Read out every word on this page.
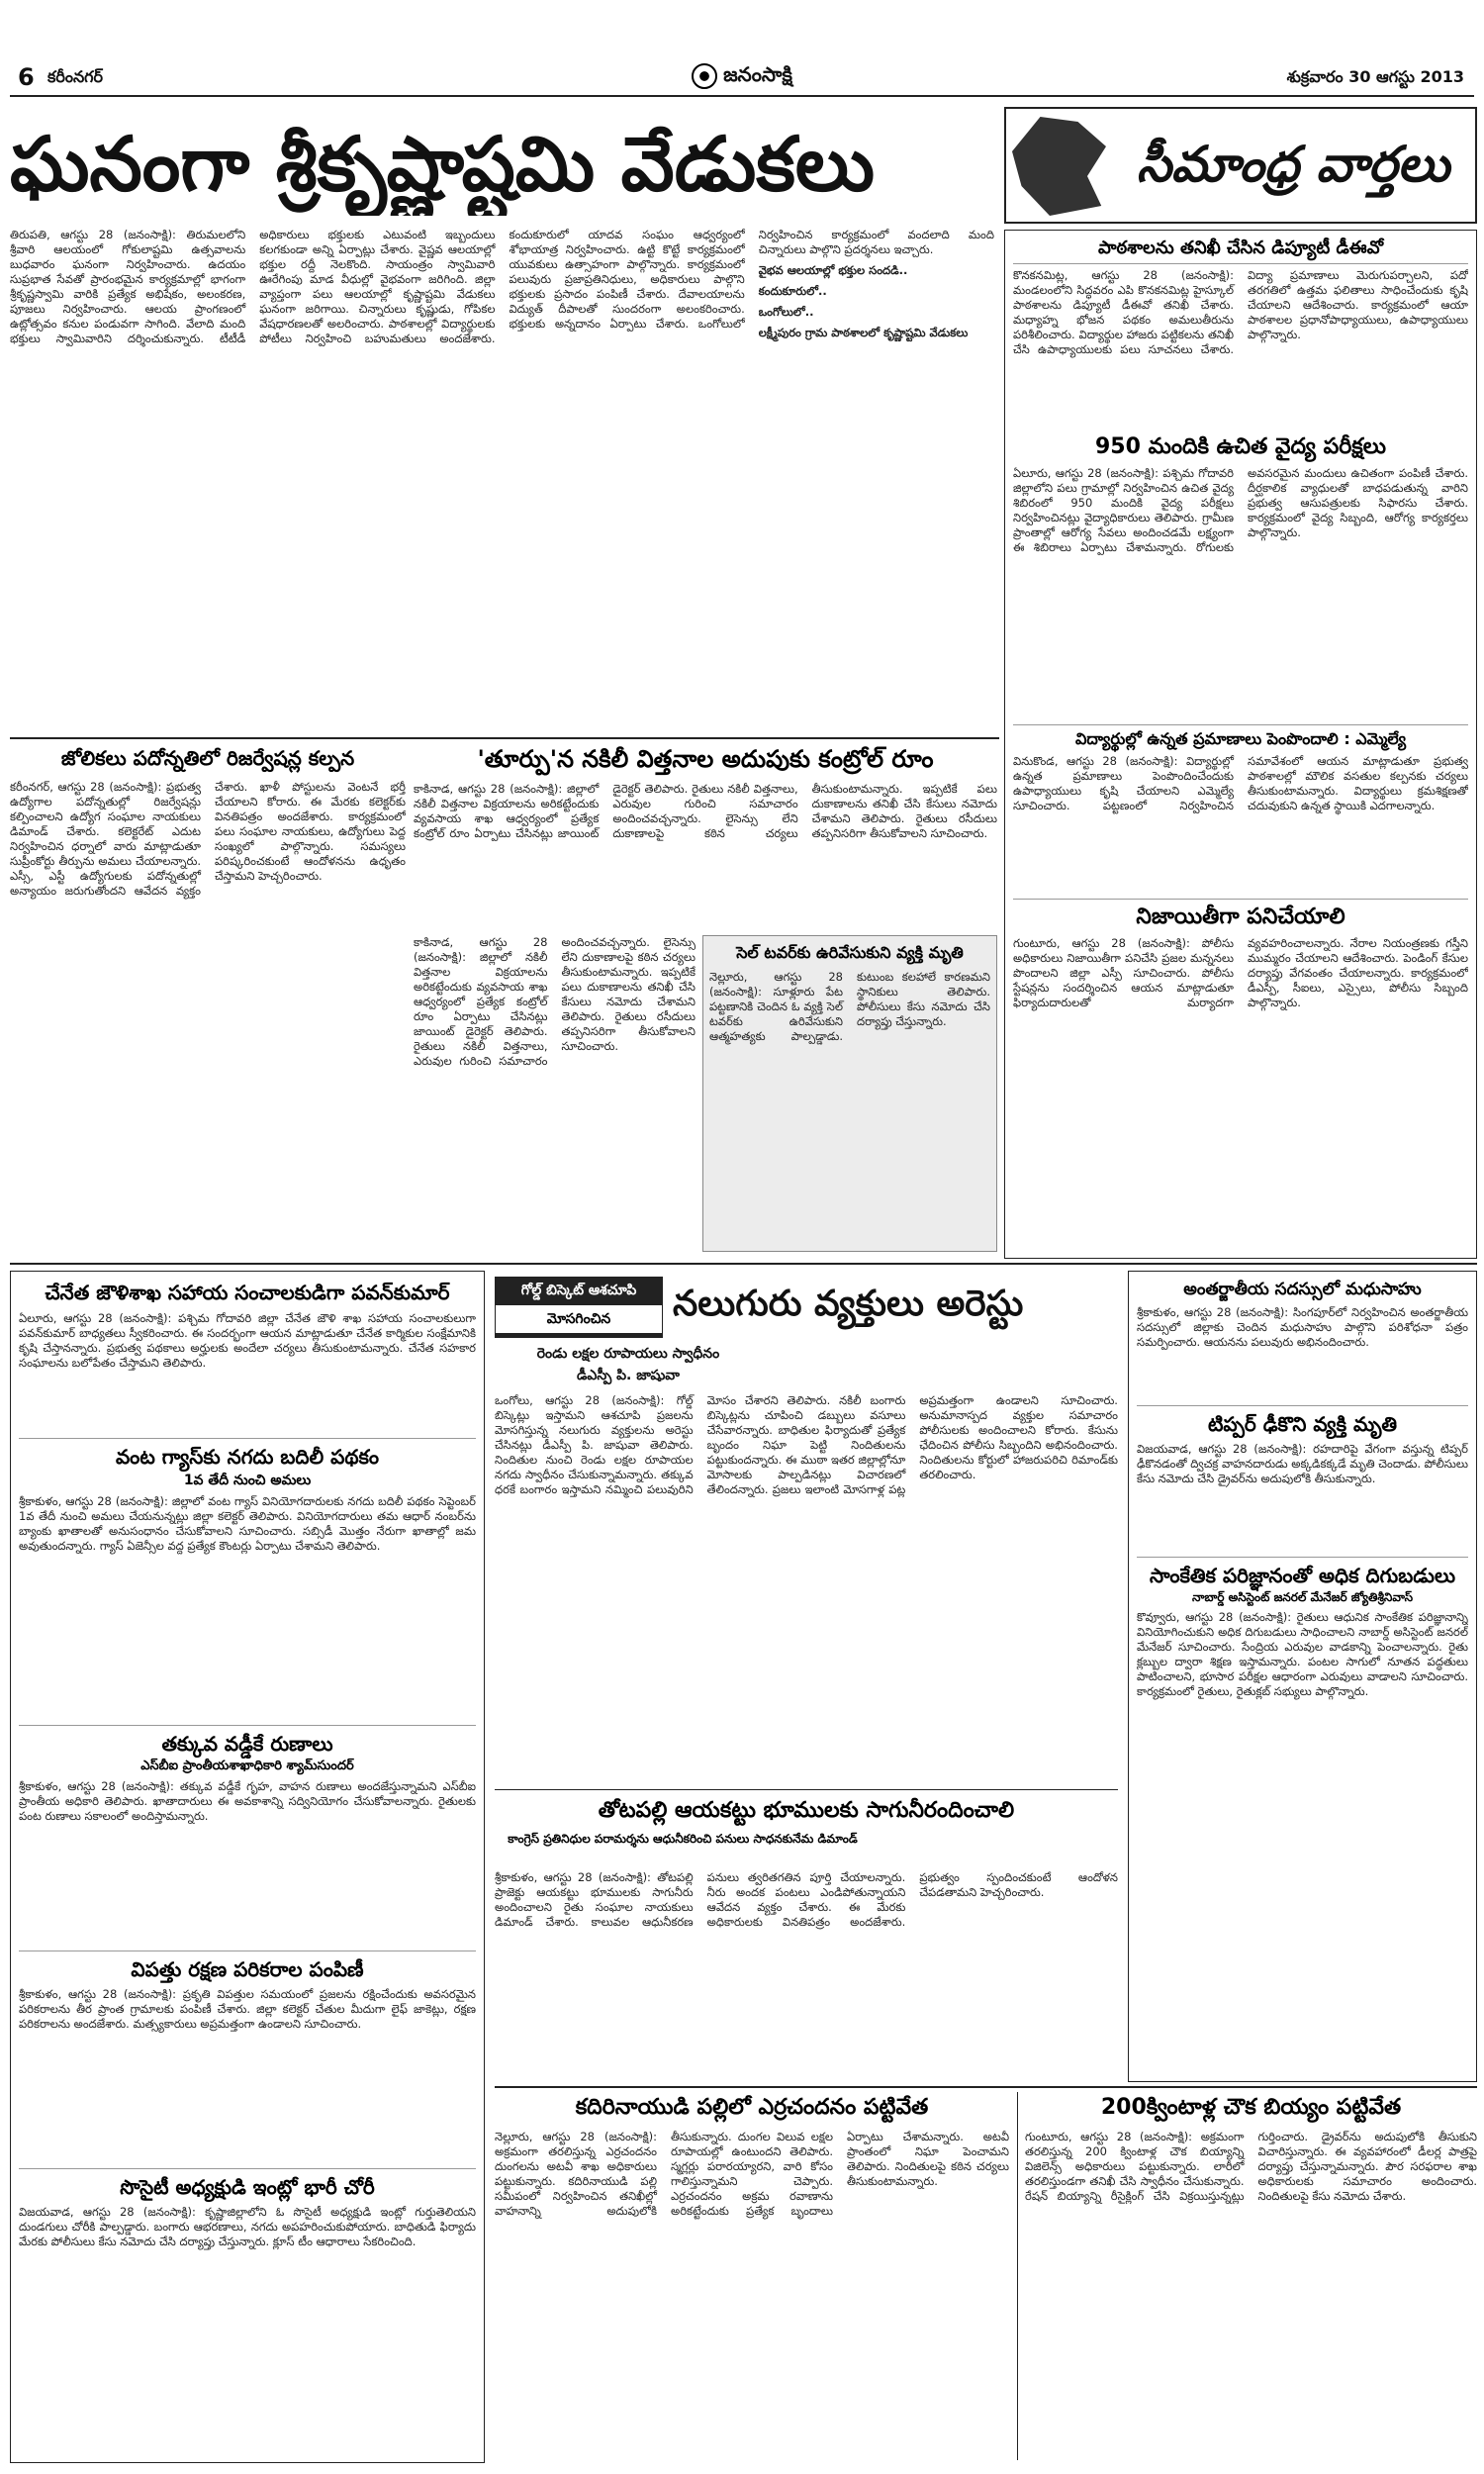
6 కరీంనగర్	జనంసాక్షి	శుక్రవారం 30 ఆగస్టు 2013
ఘనంగా శ్రీకృష్ణాష్టమి వేడుకలు	సీమాంధ్ర వార్తలు
తిరుపతి, ఆగస్టు 28 (జనంసాక్షి): తిరుమలలోని శ్రీవారి ఆలయంలో గోకులాష్టమి ఉత్సవాలను బుధవారం ఘనంగా నిర్వహించారు. ఉదయం సుప్రభాత సేవతో ప్రారంభమైన కార్యక్రమాల్లో భాగంగా శ్రీకృష్ణస్వామి వారికి ప్రత్యేక అభిషేకం, అలంకరణ, పూజలు నిర్వహించారు. ఆలయ ప్రాంగణంలో ఉట్లోత్సవం కనుల పండువగా సాగింది. వేలాది మంది భక్తులు స్వామివారిని దర్శించుకున్నారు. టీటీడీ అధికారులు భక్తులకు ఎటువంటి ఇబ్బందులు కలగకుండా అన్ని ఏర్పాట్లు చేశారు. వైష్ణవ ఆలయాల్లో భక్తుల రద్దీ నెలకొంది. సాయంత్రం స్వామివారి ఊరేగింపు మాడ వీధుల్లో వైభవంగా జరిగింది. జిల్లా వ్యాప్తంగా పలు ఆలయాల్లో కృష్ణాష్టమి వేడుకలు ఘనంగా జరిగాయి. చిన్నారులు కృష్ణుడు, గోపికల వేషధారణలతో అలరించారు. పాఠశాలల్లో విద్యార్థులకు పోటీలు నిర్వహించి బహుమతులు అందజేశారు. కందుకూరులో యాదవ సంఘం ఆధ్వర్యంలో శోభాయాత్ర నిర్వహించారు. ఉట్టి కొట్టే కార్యక్రమంలో యువకులు ఉత్సాహంగా పాల్గొన్నారు. కార్యక్రమంలో పలువురు ప్రజాప్రతినిధులు, అధికారులు పాల్గొని భక్తులకు ప్రసాదం పంపిణీ చేశారు. దేవాలయాలను విద్యుత్ దీపాలతో సుందరంగా అలంకరించారు. భక్తులకు అన్నదానం ఏర్పాటు చేశారు. ఒంగోలులో నిర్వహించిన కార్యక్రమంలో వందలాది మంది చిన్నారులు పాల్గొని ప్రదర్శనలు ఇచ్చారు.
వైభవ ఆలయాల్లో భక్తుల సందడి..
కందుకూరులో..
ఒంగోలులో..
లక్ష్మీపురం గ్రామ పాఠశాలలో కృష్ణాష్టమి వేడుకలు
పాఠశాలను తనిఖీ చేసిన డిప్యూటీ డీఈవో
కొనకనమిట్ల, ఆగస్టు 28 (జనంసాక్షి): మండలంలోని సిద్ధవరం ఎపి కొనకనమిట్ల హైస్కూల్ పాఠశాలను డిప్యూటీ డీఈవో తనిఖీ చేశారు. మధ్యాహ్న భోజన పథకం అమలుతీరును పరిశీలించారు. విద్యార్థుల హాజరు పట్టికలను తనిఖీ చేసి ఉపాధ్యాయులకు పలు సూచనలు చేశారు. విద్యా ప్రమాణాలు మెరుగుపర్చాలని, పదో తరగతిలో ఉత్తమ ఫలితాలు సాధించేందుకు కృషి చేయాలని ఆదేశించారు. కార్యక్రమంలో ఆయా పాఠశాలల ప్రధానోపాధ్యాయులు, ఉపాధ్యాయులు పాల్గొన్నారు.
950 మందికి ఉచిత వైద్య పరీక్షలు
ఏలూరు, ఆగస్టు 28 (జనంసాక్షి): పశ్చిమ గోదావరి జిల్లాలోని పలు గ్రామాల్లో నిర్వహించిన ఉచిత వైద్య శిబిరంలో 950 మందికి వైద్య పరీక్షలు నిర్వహించినట్లు వైద్యాధికారులు తెలిపారు. గ్రామీణ ప్రాంతాల్లో ఆరోగ్య సేవలు అందించడమే లక్ష్యంగా ఈ శిబిరాలు ఏర్పాటు చేశామన్నారు. రోగులకు అవసరమైన మందులు ఉచితంగా పంపిణీ చేశారు. దీర్ఘకాలిక వ్యాధులతో బాధపడుతున్న వారిని ప్రభుత్వ ఆసుపత్రులకు సిఫారసు చేశారు. కార్యక్రమంలో వైద్య సిబ్బంది, ఆరోగ్య కార్యకర్తలు పాల్గొన్నారు.
విద్యార్థుల్లో ఉన్నత ప్రమాణాలు పెంపొందాలి : ఎమ్మెల్యే
వినుకొండ, ఆగస్టు 28 (జనంసాక్షి): విద్యార్థుల్లో ఉన్నత ప్రమాణాలు పెంపొందించేందుకు ఉపాధ్యాయులు కృషి చేయాలని ఎమ్మెల్యే సూచించారు. పట్టణంలో నిర్వహించిన సమావేశంలో ఆయన మాట్లాడుతూ ప్రభుత్వ పాఠశాలల్లో మౌలిక వసతుల కల్పనకు చర్యలు తీసుకుంటామన్నారు. విద్యార్థులు క్రమశిక్షణతో చదువుకుని ఉన్నత స్థాయికి ఎదగాలన్నారు.
నిజాయితీగా పనిచేయాలి
గుంటూరు, ఆగస్టు 28 (జనంసాక్షి): పోలీసు అధికారులు నిజాయితీగా పనిచేసి ప్రజల మన్ననలు పొందాలని జిల్లా ఎస్పీ సూచించారు. పోలీసు స్టేషన్లను సందర్శించిన ఆయన మాట్లాడుతూ ఫిర్యాదుదారులతో మర్యాదగా వ్యవహరించాలన్నారు. నేరాల నియంత్రణకు గస్తీని ముమ్మరం చేయాలని ఆదేశించారు. పెండింగ్ కేసుల దర్యాప్తు వేగవంతం చేయాలన్నారు. కార్యక్రమంలో డీఎస్పీ, సీఐలు, ఎస్సైలు, పోలీసు సిబ్బంది పాల్గొన్నారు.
జోలికలు పదోన్నతిలో రిజర్వేషన్ల కల్పన
కరీంనగర్, ఆగస్టు 28 (జనంసాక్షి): ప్రభుత్వ ఉద్యోగాల పదోన్నతుల్లో రిజర్వేషన్లు కల్పించాలని ఉద్యోగ సంఘాల నాయకులు డిమాండ్ చేశారు. కలెక్టరేట్ ఎదుట నిర్వహించిన ధర్నాలో వారు మాట్లాడుతూ సుప్రీంకోర్టు తీర్పును అమలు చేయాలన్నారు. ఎస్సీ, ఎస్టీ ఉద్యోగులకు పదోన్నతుల్లో అన్యాయం జరుగుతోందని ఆవేదన వ్యక్తం చేశారు. ఖాళీ పోస్టులను వెంటనే భర్తీ చేయాలని కోరారు. ఈ మేరకు కలెక్టర్‌కు వినతిపత్రం అందజేశారు. కార్యక్రమంలో పలు సంఘాల నాయకులు, ఉద్యోగులు పెద్ద సంఖ్యలో పాల్గొన్నారు. సమస్యలు పరిష్కరించకుంటే ఆందోళనను ఉధృతం చేస్తామని హెచ్చరించారు.
'తూర్పు'న నకిలీ విత్తనాల అదుపుకు కంట్రోల్ రూం
కాకినాడ, ఆగస్టు 28 (జనంసాక్షి): జిల్లాలో నకిలీ విత్తనాల విక్రయాలను అరికట్టేందుకు వ్యవసాయ శాఖ ఆధ్వర్యంలో ప్రత్యేక కంట్రోల్ రూం ఏర్పాటు చేసినట్లు జాయింట్ డైరెక్టర్ తెలిపారు. రైతులు నకిలీ విత్తనాలు, ఎరువుల గురించి సమాచారం అందించవచ్చన్నారు. లైసెన్సు లేని దుకాణాలపై కఠిన చర్యలు తీసుకుంటామన్నారు. ఇప్పటికే పలు దుకాణాలను తనిఖీ చేసి కేసులు నమోదు చేశామని తెలిపారు. రైతులు రసీదులు తప్పనిసరిగా తీసుకోవాలని సూచించారు.
సెల్ టవర్‌కు ఉరివేసుకుని వ్యక్తి మృతి
నెల్లూరు, ఆగస్టు 28 (జనంసాక్షి): సూళ్లూరు పేట పట్టణానికి చెందిన ఓ వ్యక్తి సెల్ టవర్‌కు ఉరివేసుకుని ఆత్మహత్యకు పాల్పడ్డాడు. కుటుంబ కలహాలే కారణమని స్థానికులు తెలిపారు. పోలీసులు కేసు నమోదు చేసి దర్యాప్తు చేస్తున్నారు.
కాకినాడ, ఆగస్టు 28 (జనంసాక్షి): జిల్లాలో నకిలీ విత్తనాల విక్రయాలను అరికట్టేందుకు వ్యవసాయ శాఖ ఆధ్వర్యంలో ప్రత్యేక కంట్రోల్ రూం ఏర్పాటు చేసినట్లు జాయింట్ డైరెక్టర్ తెలిపారు. రైతులు నకిలీ విత్తనాలు, ఎరువుల గురించి సమాచారం అందించవచ్చన్నారు. లైసెన్సు లేని దుకాణాలపై కఠిన చర్యలు తీసుకుంటామన్నారు. ఇప్పటికే పలు దుకాణాలను తనిఖీ చేసి కేసులు నమోదు చేశామని తెలిపారు. రైతులు రసీదులు తప్పనిసరిగా తీసుకోవాలని సూచించారు.
చేనేత జౌళిశాఖ సహాయ సంచాలకుడిగా పవన్‌కుమార్
ఏలూరు, ఆగస్టు 28 (జనంసాక్షి): పశ్చిమ గోదావరి జిల్లా చేనేత జౌళి శాఖ సహాయ సంచాలకులుగా పవన్‌కుమార్ బాధ్యతలు స్వీకరించారు. ఈ సందర్భంగా ఆయన మాట్లాడుతూ చేనేత కార్మికుల సంక్షేమానికి కృషి చేస్తానన్నారు. ప్రభుత్వ పథకాలు అర్హులకు అందేలా చర్యలు తీసుకుంటామన్నారు. చేనేత సహకార సంఘాలను బలోపేతం చేస్తామని తెలిపారు.
వంట గ్యాస్‌కు నగదు బదిలీ పథకం
1వ తేదీ నుంచి అమలు
శ్రీకాకుళం, ఆగస్టు 28 (జనంసాక్షి): జిల్లాలో వంట గ్యాస్ వినియోగదారులకు నగదు బదిలీ పథకం సెప్టెంబర్ 1వ తేదీ నుంచి అమలు చేయనున్నట్లు జిల్లా కలెక్టర్ తెలిపారు. వినియోగదారులు తమ ఆధార్ నంబర్‌ను బ్యాంకు ఖాతాలతో అనుసంధానం చేసుకోవాలని సూచించారు. సబ్సిడీ మొత్తం నేరుగా ఖాతాల్లో జమ అవుతుందన్నారు. గ్యాస్ ఏజెన్సీల వద్ద ప్రత్యేక కౌంటర్లు ఏర్పాటు చేశామని తెలిపారు.
తక్కువ వడ్డీకే రుణాలు
ఎస్‌బీఐ ప్రాంతీయశాఖాధికారి శ్యామ్‌సుందర్
శ్రీకాకుళం, ఆగస్టు 28 (జనంసాక్షి): తక్కువ వడ్డీకే గృహ, వాహన రుణాలు అందజేస్తున్నామని ఎస్‌బీఐ ప్రాంతీయ అధికారి తెలిపారు. ఖాతాదారులు ఈ అవకాశాన్ని సద్వినియోగం చేసుకోవాలన్నారు. రైతులకు పంట రుణాలు సకాలంలో అందిస్తామన్నారు.
విపత్తు రక్షణ పరికరాల పంపిణీ
శ్రీకాకుళం, ఆగస్టు 28 (జనంసాక్షి): ప్రకృతి విపత్తుల సమయంలో ప్రజలను రక్షించేందుకు అవసరమైన పరికరాలను తీర ప్రాంత గ్రామాలకు పంపిణీ చేశారు. జిల్లా కలెక్టర్ చేతుల మీదుగా లైఫ్ జాకెట్లు, రక్షణ పరికరాలను అందజేశారు. మత్స్యకారులు అప్రమత్తంగా ఉండాలని సూచించారు.
సొసైటీ అధ్యక్షుడి ఇంట్లో భారీ చోరీ
విజయవాడ, ఆగస్టు 28 (జనంసాక్షి): కృష్ణాజిల్లాలోని ఓ సొసైటీ అధ్యక్షుడి ఇంట్లో గుర్తుతెలియని దుండగులు చోరీకి పాల్పడ్డారు. బంగారు ఆభరణాలు, నగదు అపహరించుకుపోయారు. బాధితుడి ఫిర్యాదు మేరకు పోలీసులు కేసు నమోదు చేసి దర్యాప్తు చేస్తున్నారు. క్లూస్ టీం ఆధారాలు సేకరించింది.
గోల్డ్ బిస్కెట్ ఆశచూపి
మోసగించిన	నలుగురు వ్యక్తులు అరెస్టు
రెండు లక్షల రూపాయలు స్వాధీనం
డీఎస్పీ పి. జాషువా
ఒంగోలు, ఆగస్టు 28 (జనంసాక్షి): గోల్డ్ బిస్కెట్లు ఇస్తామని ఆశచూపి ప్రజలను మోసగిస్తున్న నలుగురు వ్యక్తులను అరెస్టు చేసినట్లు డీఎస్పీ పి. జాషువా తెలిపారు. నిందితుల నుంచి రెండు లక్షల రూపాయల నగదు స్వాధీనం చేసుకున్నామన్నారు. తక్కువ ధరకే బంగారం ఇస్తామని నమ్మించి పలువురిని మోసం చేశారని తెలిపారు. నకిలీ బంగారు బిస్కెట్లను చూపించి డబ్బులు వసూలు చేసేవారన్నారు. బాధితుల ఫిర్యాదుతో ప్రత్యేక బృందం నిఘా పెట్టి నిందితులను పట్టుకుందన్నారు. ఈ ముఠా ఇతర జిల్లాల్లోనూ మోసాలకు పాల్పడినట్లు విచారణలో తేలిందన్నారు. ప్రజలు ఇలాంటి మోసగాళ్ల పట్ల అప్రమత్తంగా ఉండాలని సూచించారు. అనుమానాస్పద వ్యక్తుల సమాచారం పోలీసులకు అందించాలని కోరారు. కేసును ఛేదించిన పోలీసు సిబ్బందిని అభినందించారు. నిందితులను కోర్టులో హాజరుపరిచి రిమాండ్‌కు తరలించారు.
తోటపల్లి ఆయకట్టు భూములకు సాగునీరందించాలి
కాంగ్రెస్ ప్రతినిధుల పరామర్శను ఆధునీకరించి పనులు సాధనకునేమ డిమాండ్
శ్రీకాకుళం, ఆగస్టు 28 (జనంసాక్షి): తోటపల్లి ప్రాజెక్టు ఆయకట్టు భూములకు సాగునీరు అందించాలని రైతు సంఘాల నాయకులు డిమాండ్ చేశారు. కాలువల ఆధునీకరణ పనులు త్వరితగతిన పూర్తి చేయాలన్నారు. నీరు అందక పంటలు ఎండిపోతున్నాయని ఆవేదన వ్యక్తం చేశారు. ఈ మేరకు అధికారులకు వినతిపత్రం అందజేశారు. ప్రభుత్వం స్పందించకుంటే ఆందోళన చేపడతామని హెచ్చరించారు.
అంతర్జాతీయ సదస్సులో మధుసాహు
శ్రీకాకుళం, ఆగస్టు 28 (జనంసాక్షి): సింగపూర్‌లో నిర్వహించిన అంతర్జాతీయ సదస్సులో జిల్లాకు చెందిన మధుసాహు పాల్గొని పరిశోధనా పత్రం సమర్పించారు. ఆయనను పలువురు అభినందించారు.
టిప్పర్ ఢీకొని వ్యక్తి మృతి
విజయవాడ, ఆగస్టు 28 (జనంసాక్షి): రహదారిపై వేగంగా వస్తున్న టిప్పర్ ఢీకొనడంతో ద్విచక్ర వాహనదారుడు అక్కడికక్కడే మృతి చెందాడు. పోలీసులు కేసు నమోదు చేసి డ్రైవర్‌ను అదుపులోకి తీసుకున్నారు.
సాంకేతిక పరిజ్ఞానంతో అధిక దిగుబడులు
నాబార్డ్ అసిస్టెంట్ జనరల్ మేనేజర్ జ్యోతిశ్రీనివాస్
కొవ్వూరు, ఆగస్టు 28 (జనంసాక్షి): రైతులు ఆధునిక సాంకేతిక పరిజ్ఞానాన్ని వినియోగించుకుని అధిక దిగుబడులు సాధించాలని నాబార్డ్ అసిస్టెంట్ జనరల్ మేనేజర్ సూచించారు. సేంద్రియ ఎరువుల వాడకాన్ని పెంచాలన్నారు. రైతు క్లబ్బుల ద్వారా శిక్షణ ఇస్తామన్నారు. పంటల సాగులో నూతన పద్ధతులు పాటించాలని, భూసార పరీక్షల ఆధారంగా ఎరువులు వాడాలని సూచించారు. కార్యక్రమంలో రైతులు, రైతుక్లబ్ సభ్యులు పాల్గొన్నారు.
కదిరినాయుడి పల్లిలో ఎర్రచందనం పట్టివేత
నెల్లూరు, ఆగస్టు 28 (జనంసాక్షి): అక్రమంగా తరలిస్తున్న ఎర్రచందనం దుంగలను అటవీ శాఖ అధికారులు పట్టుకున్నారు. కదిరినాయుడి పల్లి సమీపంలో నిర్వహించిన తనిఖీల్లో వాహనాన్ని అదుపులోకి తీసుకున్నారు. దుంగల విలువ లక్షల రూపాయల్లో ఉంటుందని తెలిపారు. స్మగ్లర్లు పరారయ్యారని, వారి కోసం గాలిస్తున్నామని చెప్పారు. ఎర్రచందనం అక్రమ రవాణాను అరికట్టేందుకు ప్రత్యేక బృందాలు ఏర్పాటు చేశామన్నారు. అటవీ ప్రాంతంలో నిఘా పెంచామని తెలిపారు. నిందితులపై కఠిన చర్యలు తీసుకుంటామన్నారు.
200క్వింటాళ్ల చౌక బియ్యం పట్టివేత
గుంటూరు, ఆగస్టు 28 (జనంసాక్షి): అక్రమంగా తరలిస్తున్న 200 క్వింటాళ్ల చౌక బియ్యాన్ని విజిలెన్స్ అధికారులు పట్టుకున్నారు. లారీలో తరలిస్తుండగా తనిఖీ చేసి స్వాధీనం చేసుకున్నారు. రేషన్ బియ్యాన్ని రీసైక్లింగ్ చేసి విక్రయిస్తున్నట్లు గుర్తించారు. డ్రైవర్‌ను అదుపులోకి తీసుకుని విచారిస్తున్నారు. ఈ వ్యవహారంలో డీలర్ల పాత్రపై దర్యాప్తు చేస్తున్నామన్నారు. పౌర సరఫరాల శాఖ అధికారులకు సమాచారం అందించారు. నిందితులపై కేసు నమోదు చేశారు.
